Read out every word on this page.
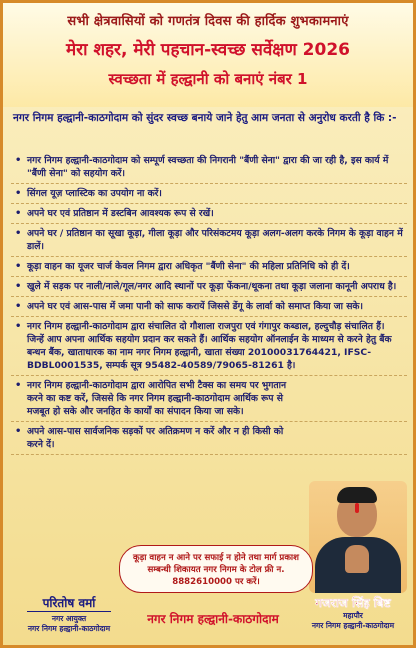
सभी क्षेत्रवासियों को गणतंत्र दिवस की हार्दिक शुभकामनाएं
मेरा शहर, मेरी पहचान-स्वच्छ सर्वेक्षण 2026
स्वच्छता में हल्द्वानी को बनाएं नंबर 1
नगर निगम हल्द्वानी-काठगोदाम को सुंदर स्वच्छ बनाये जाने हेतु आम जनता से अनुरोध करती है कि :-
• नगर निगम हल्द्वानी-काठगोदाम को सम्पूर्ण स्वच्छता की निगरानी "बैंणी सेना" द्वारा की जा रही है, इस कार्य में "बैंणी सेना" को सहयोग करें।
• सिंगल यूज़ प्लास्टिक का उपयोग ना करें।
• अपने घर एवं प्रतिष्ठान में डस्टबिन आवश्यक रूप से रखें।
• अपने घर / प्रतिष्ठान का सूखा कूड़ा, गीला कूड़ा और परिसंकटमय कूड़ा अलग-अलग करके निगम के कूड़ा वाहन में डालें।
• कूड़ा वाहन का यूजर चार्ज केवल निगम द्वारा अधिकृत "बैंणी सेना" की महिला प्रतिनिधि को ही दें।
• खुले में सड़क पर नाली/नाले/गूल/नगर आदि स्थानों पर कूड़ा फेंकना/थूकना तथा कूड़ा जलाना कानूनी अपराध है।
• अपने घर एवं आस-पास में जमा पानी को साफ करायें जिससे डेंगू के लार्वा को समाप्त किया जा सके।
• नगर निगम हल्द्वानी-काठगोदाम द्वारा संचालित दो गौशाला राजपुरा एवं गंगापुर कब्डाल, हल्दुचौड़ संचालित हैं। जिन्हें आप अपना आर्थिक सहयोग प्रदान कर सकते हैं। आर्थिक सहयोग ऑनलाईन के माध्यम से करने हेतु बैंक बन्धन बैंक, खाताधारक का नाम नगर निगम हल्द्वानी, खाता संख्या 20100031764421, IFSC-BDBL0001535, सम्पर्क सूत्र 95482-40589/79065-81261 है।
• नगर निगम हल्द्वानी-काठगोदाम द्वारा आरोपित सभी टैक्स का समय पर भुगतान करने का कष्ट करें, जिससे कि नगर निगम हल्द्वानी-काठगोदाम आर्थिक रूप से मजबूत हो सके और जनहित के कार्यों का संपादन किया जा सके।
• अपने आस-पास सार्वजनिक सड़कों पर अतिक्रमण न करें और न ही किसी को करने दें।
कूड़ा वाहन न आने पर सफाई न होने तथा मार्ग प्रकाश सम्बन्धी शिकायत नगर निगम के टोल फ्री न. 8882610000 पर करें।
परितोष वर्मा
नगर आयुक्त
नगर निगम हल्द्वानी-काठगोदाम
नगर निगम हल्द्वानी-काठगोदाम
गजराज सिंह बिष्ट
महापौर
नगर निगम हल्द्वानी-काठगोदाम
